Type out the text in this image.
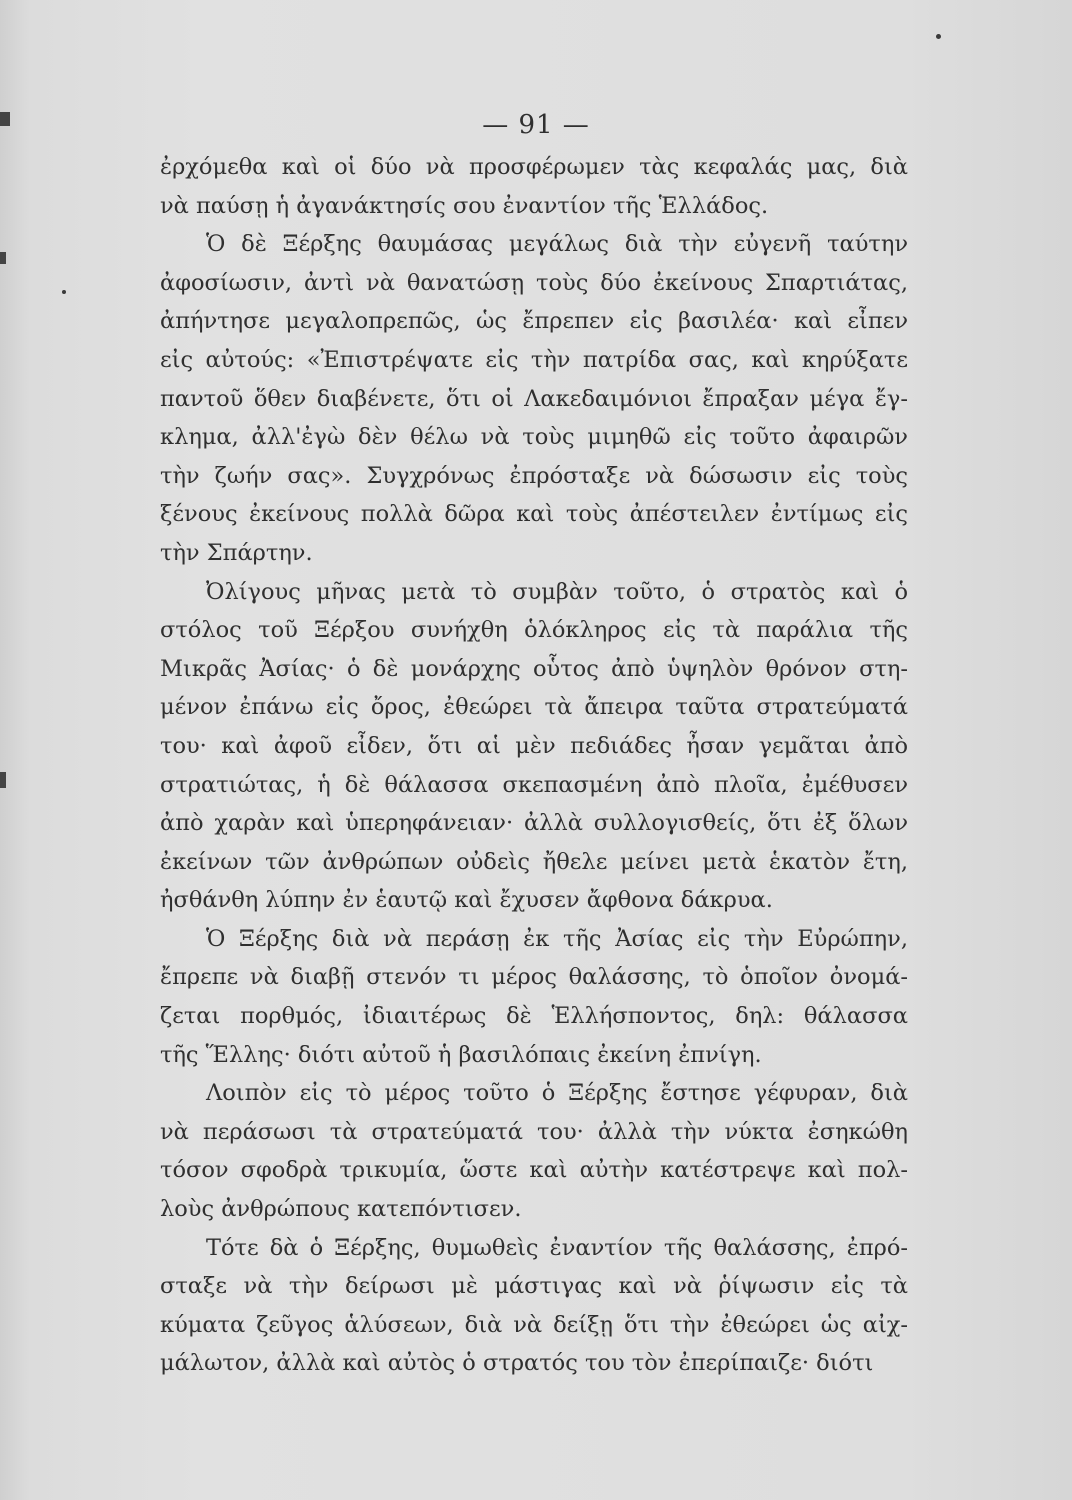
— 91 —
ἐρχόμεθα καὶ οἱ δύο νὰ προσφέρωμεν τὰς κεφαλάς μας, διὰ
νὰ παύσῃ ἡ ἀγανάκτησίς σου ἐναντίον τῆς Ἑλλάδος.
Ὁ δὲ Ξέρξης θαυμάσας μεγάλως διὰ τὴν εὐγενῆ ταύτην
ἀφοσίωσιν, ἀντὶ νὰ θανατώσῃ τοὺς δύο ἐκείνους Σπαρτιάτας,
ἀπήντησε μεγαλοπρεπῶς, ὡς ἔπρεπεν εἰς βασιλέα· καὶ εἶπεν
εἰς αὐτούς: «Ἐπιστρέψατε εἰς τὴν πατρίδα σας, καὶ κηρύξατε
παντοῦ ὅθεν διαβένετε, ὅτι οἱ Λακεδαιμόνιοι ἔπραξαν μέγα ἔγ-
κλημα, ἀλλ'ἐγὼ δὲν θέλω νὰ τοὺς μιμηθῶ εἰς τοῦτο ἀφαιρῶν
τὴν ζωήν σας». Συγχρόνως ἐπρόσταξε νὰ δώσωσιν εἰς τοὺς
ξένους ἐκείνους πολλὰ δῶρα καὶ τοὺς ἀπέστειλεν ἐντίμως εἰς
τὴν Σπάρτην.
Ὀλίγους μῆνας μετὰ τὸ συμβὰν τοῦτο, ὁ στρατὸς καὶ ὁ
στόλος τοῦ Ξέρξου συνήχθη ὁλόκληρος εἰς τὰ παράλια τῆς
Μικρᾶς Ἀσίας· ὁ δὲ μονάρχης οὗτος ἀπὸ ὑψηλὸν θρόνον στη-
μένον ἐπάνω εἰς ὄρος, ἐθεώρει τὰ ἄπειρα ταῦτα στρατεύματά
του· καὶ ἀφοῦ εἶδεν, ὅτι αἱ μὲν πεδιάδες ἦσαν γεμᾶται ἀπὸ
στρατιώτας, ἡ δὲ θάλασσα σκεπασμένη ἀπὸ πλοῖα, ἐμέθυσεν
ἀπὸ χαρὰν καὶ ὑπερηφάνειαν· ἀλλὰ συλλογισθείς, ὅτι ἐξ ὅλων
ἐκείνων τῶν ἀνθρώπων οὐδεὶς ἤθελε μείνει μετὰ ἑκατὸν ἔτη,
ἠσθάνθη λύπην ἐν ἑαυτῷ καὶ ἔχυσεν ἄφθονα δάκρυα.
Ὁ Ξέρξης διὰ νὰ περάσῃ ἐκ τῆς Ἀσίας εἰς τὴν Εὐρώπην,
ἔπρεπε νὰ διαβῇ στενόν τι μέρος θαλάσσης, τὸ ὁποῖον ὀνομά-
ζεται πορθμός, ἰδιαιτέρως δὲ Ἑλλήσποντος, δηλ: θάλασσα
τῆς Ἕλλης· διότι αὐτοῦ ἡ βασιλόπαις ἐκείνη ἐπνίγη.
Λοιπὸν εἰς τὸ μέρος τοῦτο ὁ Ξέρξης ἔστησε γέφυραν, διὰ
νὰ περάσωσι τὰ στρατεύματά του· ἀλλὰ τὴν νύκτα ἐσηκώθη
τόσον σφοδρὰ τρικυμία, ὥστε καὶ αὐτὴν κατέστρεψε καὶ πολ-
λοὺς ἀνθρώπους κατεπόντισεν.
Τότε δὰ ὁ Ξέρξης, θυμωθεὶς ἐναντίον τῆς θαλάσσης, ἐπρό-
σταξε νὰ τὴν δείρωσι μὲ μάστιγας καὶ νὰ ῥίψωσιν εἰς τὰ
κύματα ζεῦγος ἁλύσεων, διὰ νὰ δείξῃ ὅτι τὴν ἐθεώρει ὡς αἰχ-
μάλωτον, ἀλλὰ καὶ αὐτὸς ὁ στρατός του τὸν ἐπερίπαιζε· διότι
